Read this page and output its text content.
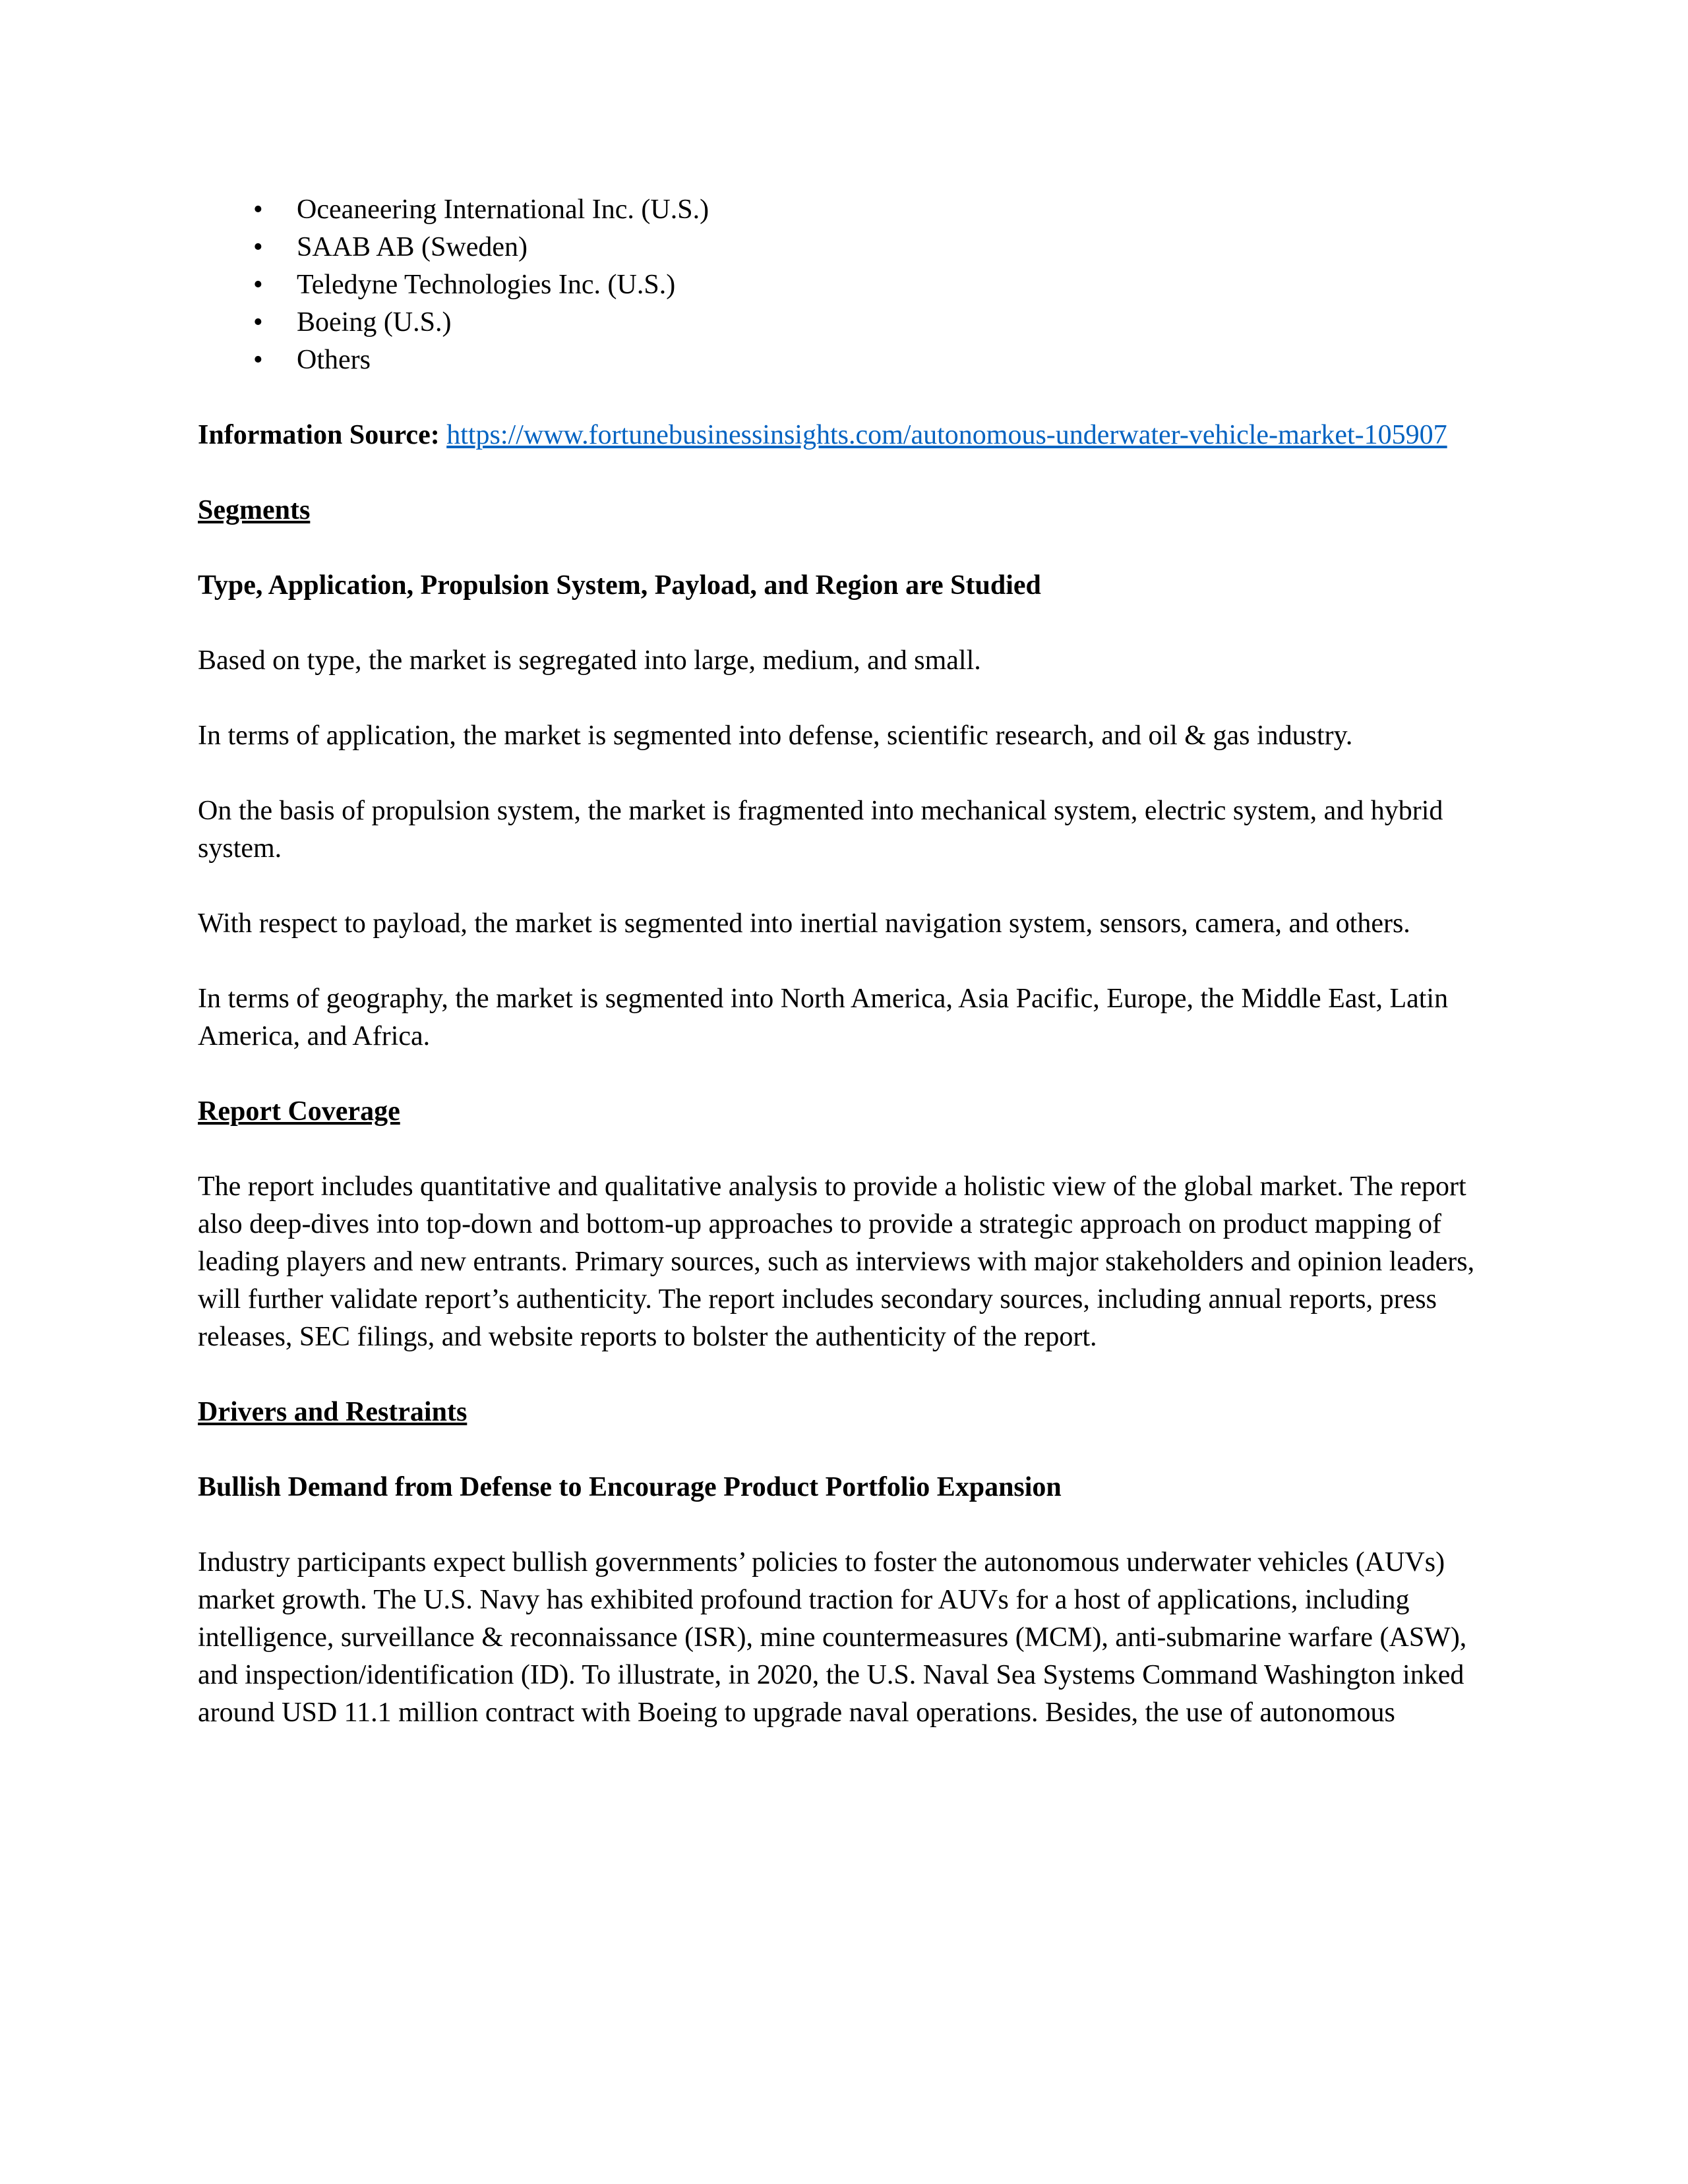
• Oceaneering International Inc. (U.S.)
• SAAB AB (Sweden)
• Teledyne Technologies Inc. (U.S.)
• Boeing (U.S.)
• Others

Information Source: https://www.fortunebusinessinsights.com/autonomous-underwater-vehicle-market-105907

Segments

Type, Application, Propulsion System, Payload, and Region are Studied

Based on type, the market is segregated into large, medium, and small.

In terms of application, the market is segmented into defense, scientific research, and oil & gas industry.

On the basis of propulsion system, the market is fragmented into mechanical system, electric system, and hybrid system.

With respect to payload, the market is segmented into inertial navigation system, sensors, camera, and others.

In terms of geography, the market is segmented into North America, Asia Pacific, Europe, the Middle East, Latin America, and Africa.

Report Coverage

The report includes quantitative and qualitative analysis to provide a holistic view of the global market. The report also deep-dives into top-down and bottom-up approaches to provide a strategic approach on product mapping of leading players and new entrants. Primary sources, such as interviews with major stakeholders and opinion leaders, will further validate report’s authenticity. The report includes secondary sources, including annual reports, press releases, SEC filings, and website reports to bolster the authenticity of the report.

Drivers and Restraints

Bullish Demand from Defense to Encourage Product Portfolio Expansion

Industry participants expect bullish governments’ policies to foster the autonomous underwater vehicles (AUVs) market growth. The U.S. Navy has exhibited profound traction for AUVs for a host of applications, including intelligence, surveillance & reconnaissance (ISR), mine countermeasures (MCM), anti-submarine warfare (ASW), and inspection/identification (ID). To illustrate, in 2020, the U.S. Naval Sea Systems Command Washington inked around USD 11.1 million contract with Boeing to upgrade naval operations. Besides, the use of autonomous
